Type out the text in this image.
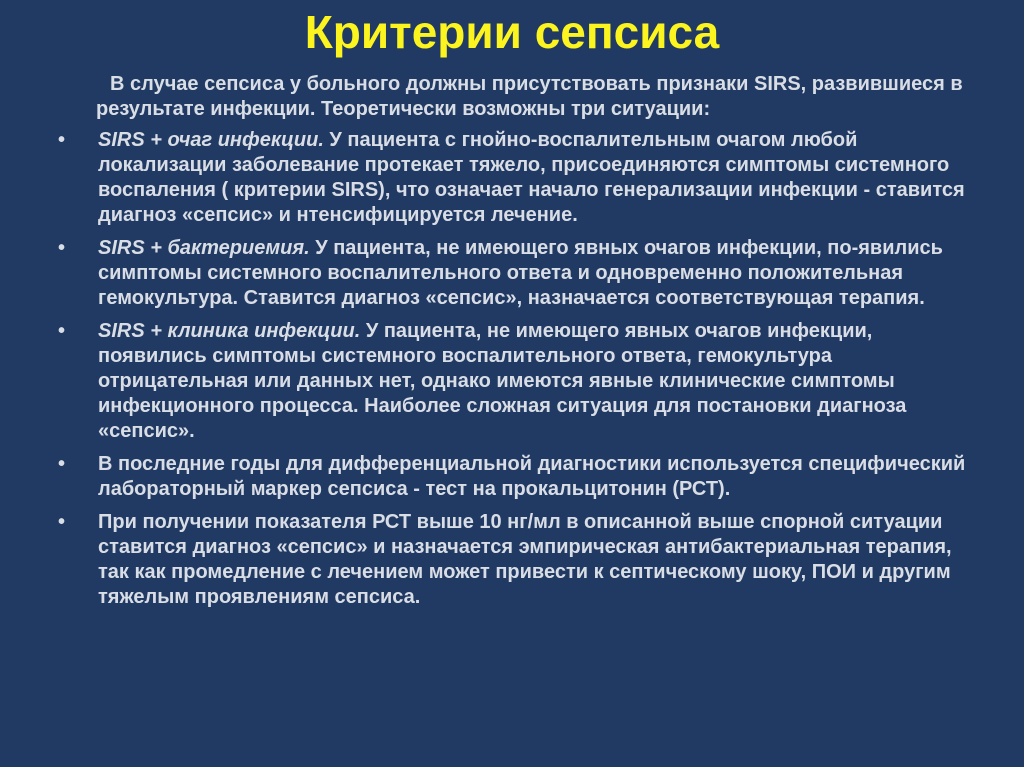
Критерии сепсиса

В случае сепсиса у больного должны присутствовать признаки SIRS, развившиеся в результате инфекции. Теоретически возможны три ситуации:

• SIRS + очаг инфекции. У пациента с гнойно-воспалительным очагом любой локализации заболевание протекает тяжело, присоединяются симптомы системного воспаления ( критерии SIRS), что означает начало генерализации инфекции - ставится диагноз «сепсис» и нтенсифицируется лечение.
• SIRS + бактериемия. У пациента, не имеющего явных очагов инфекции, по-явились симптомы системного воспалительного ответа и одновременно положительная гемокультура. Ставится диагноз «сепсис», назначается соответствующая терапия.
• SIRS + клиника инфекции. У пациента, не имеющего явных очагов инфекции, появились симптомы системного воспалительного ответа, гемокультура отрицательная или данных нет, однако имеются явные клинические симптомы инфекционного процесса. Наиболее сложная ситуация для постановки диагноза «сепсис».
• В последние годы для дифференциальной диагностики используется специфический лабораторный маркер сепсиса - тест на прокальцитонин (РСТ).
• При получении показателя РСТ выше 10 нг/мл в описанной выше спорной ситуации ставится диагноз «сепсис» и назначается эмпирическая антибактериальная терапия, так как промедление с лечением может привести к септическому шоку, ПОИ и другим тяжелым проявлениям сепсиса.
